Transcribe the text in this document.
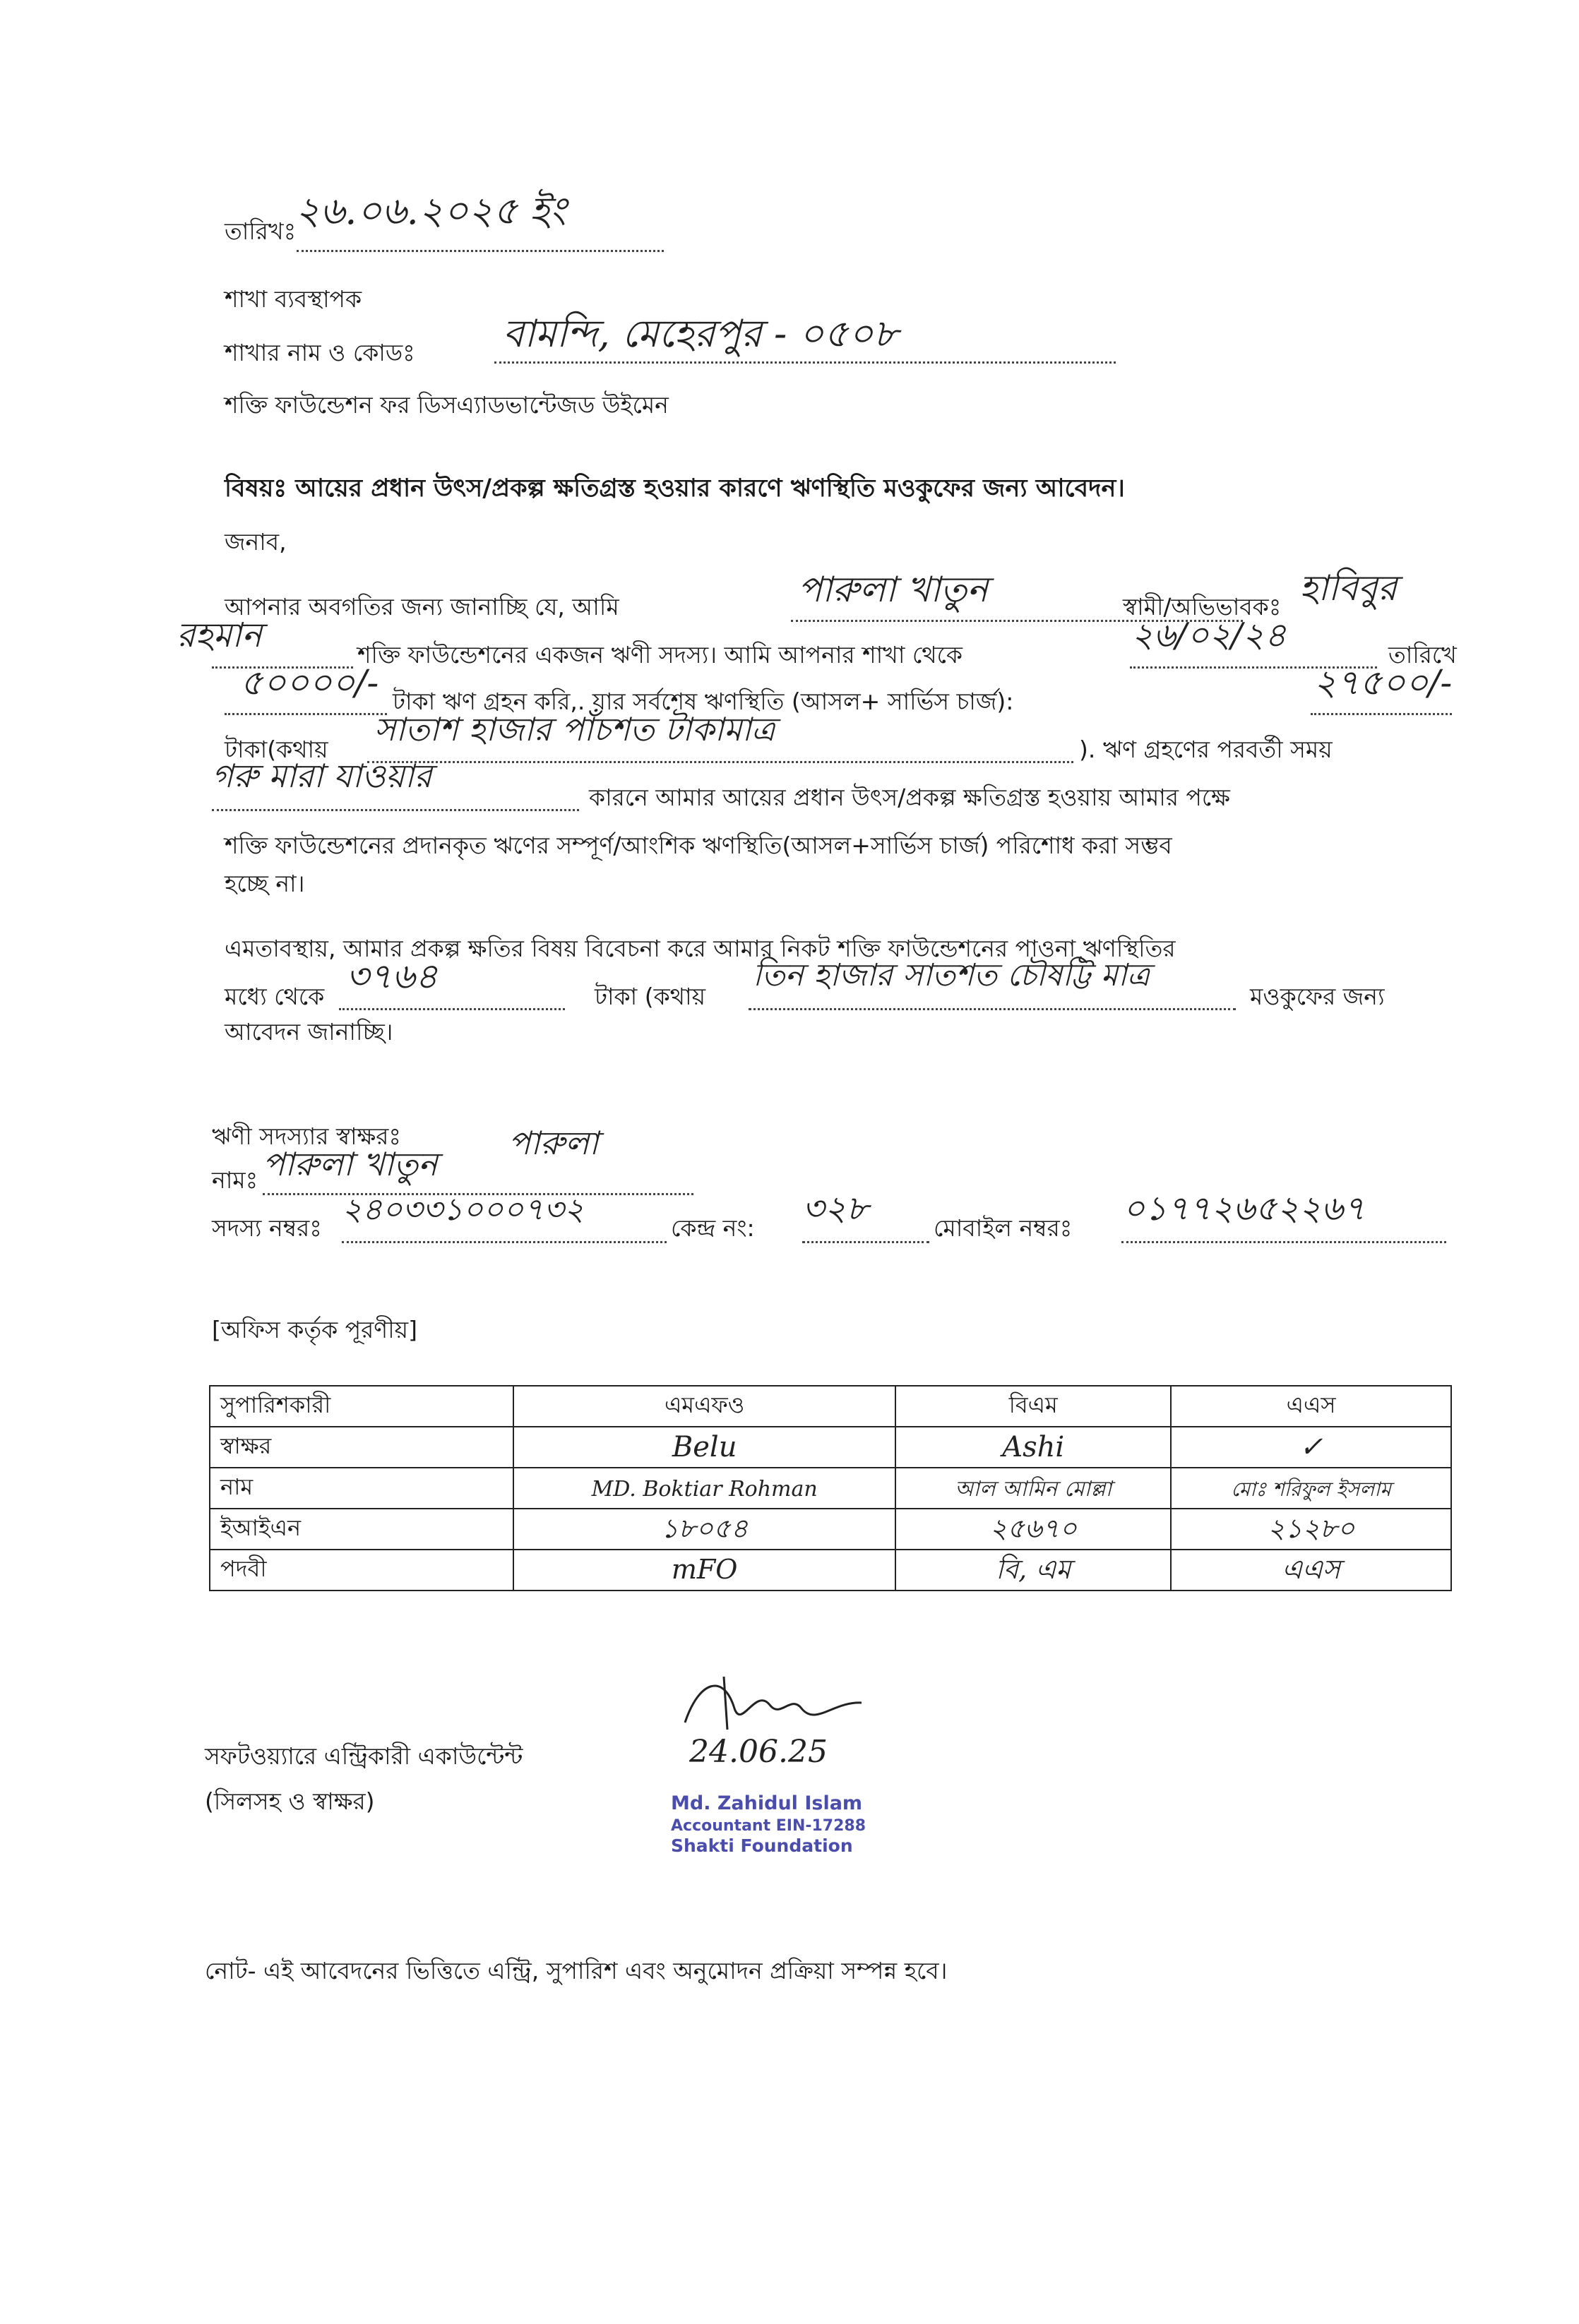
তারিখঃ
২৬.০৬.২০২৫ ইং
শাখা ব্যবস্থাপক
শাখার নাম ও কোডঃ বামন্দি, মেহেরপুর - ০৫০৮
শক্তি ফাউন্ডেশন ফর ডিসএ্যাডভান্টেজড উইমেন
বিষয়ঃ আয়ের প্রধান উৎস/প্রকল্প ক্ষতিগ্রস্ত হওয়ার কারণে ঋণস্থিতি মওকুফের জন্য আবেদন।
জনাব,
আপনার অবগতির জন্য জানাচ্ছি যে, আমি	পারুলা খাতুন	স্বামী/অভিভাবকঃ হাবিবুর
রহমান	শক্তি ফাউন্ডেশনের একজন ঋণী সদস্য। আমি আপনার শাখা থেকে	২৬/০২/২৪	তারিখে
৫০০০০/- টাকা ঋণ গ্রহন করি,. যার সর্বশেষ ঋণস্থিতি (আসল+ সার্ভিস চার্জ):	২৭৫০০/-
টাকা(কথায়
সাতাশ হাজার পাঁচশত টাকামাত্র
). ঋণ গ্রহণের পরবর্তী সময়
গরু মারা যাওয়ার
কারনে আমার আয়ের প্রধান উৎস/প্রকল্প ক্ষতিগ্রস্ত হওয়ায় আমার পক্ষে
শক্তি ফাউন্ডেশনের প্রদানকৃত ঋণের সম্পূর্ণ/আংশিক ঋণস্থিতি(আসল+সার্ভিস চার্জ) পরিশোধ করা সম্ভব
হচ্ছে না।
এমতাবস্থায়, আমার প্রকল্প ক্ষতির বিষয় বিবেচনা করে আমার নিকট শক্তি ফাউন্ডেশনের পাওনা ঋণস্থিতির
মধ্যে থেকে ৩৭৬৪	টাকা (কথায়
তিন হাজার সাতশত চৌষট্টি মাত্র
মওকুফের জন্য
আবেদন জানাচ্ছি।
ঋণী সদস্যার স্বাক্ষরঃ	পারুলা
নামঃ পারুলা খাতুন
সদস্য নম্বরঃ
২৪০৩৩১০০০৭৩২
কেন্দ্র নং: ৩২৮	মোবাইল নম্বরঃ ০১৭৭২৬৫২২৬৭
[অফিস কর্তৃক পূরণীয়]
সুপারিশকারী	এমএফও	বিএম	এএস
স্বাক্ষর	Belu	Ashi	✓
নাম	MD. Boktiar Rohman	আল আমিন মোল্লা	মোঃ শরিফুল ইসলাম
ইআইএন	১৮০৫৪	২৫৬৭০	২১২৮০
পদবী	mFO	বি, এম	এএস
সফটওয়্যারে এন্ট্রিকারী একাউন্টেন্ট
(সিলসহ ও স্বাক্ষর)
24.06.25
Md. Zahidul Islam
Accountant EIN-17288
Shakti Foundation
নোট- এই আবেদনের ভিত্তিতে এন্ট্রি, সুপারিশ এবং অনুমোদন প্রক্রিয়া সম্পন্ন হবে।
